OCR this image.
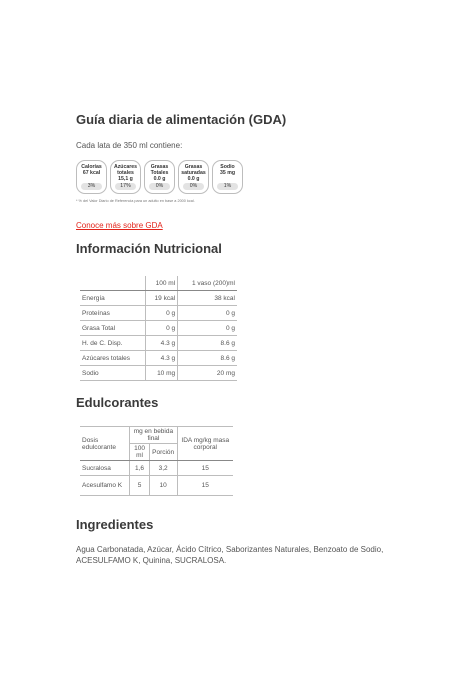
Guía diaria de alimentación (GDA)
Cada lata de 350 ml contiene:
Calorías
67 kcal
3%
Azúcares totales
15,1 g
17%
Grasas Totales
0.0 g
0%
Grasas saturadas
0.0 g
0%
Sodio
35 mg
1%
* % del Valor Diario de Referencia para un adulto en base a 2000 kcal.
Conoce más sobre GDA
Información Nutricional
	100 ml	1 vaso (200)ml
Energía	19 kcal	38 kcal
Proteínas	0 g	0 g
Grasa Total	0 g	0 g
H. de C. Disp.	4.3 g	8.6 g
Azúcares totales	4.3 g	8.6 g
Sodio	10 mg	20 mg
Edulcorantes
Dosis edulcorante	mg en bebida final		IDA mg/kg masa corporal
	100 ml	Porción	
Sucralosa	1,6	3,2	15
Acesulfamo K	5	10	15
Ingredientes
Agua Carbonatada, Azúcar, Ácido Cítrico, Saborizantes Naturales, Benzoato de Sodio,
ACESULFAMO K, Quinina, SUCRALOSA.
